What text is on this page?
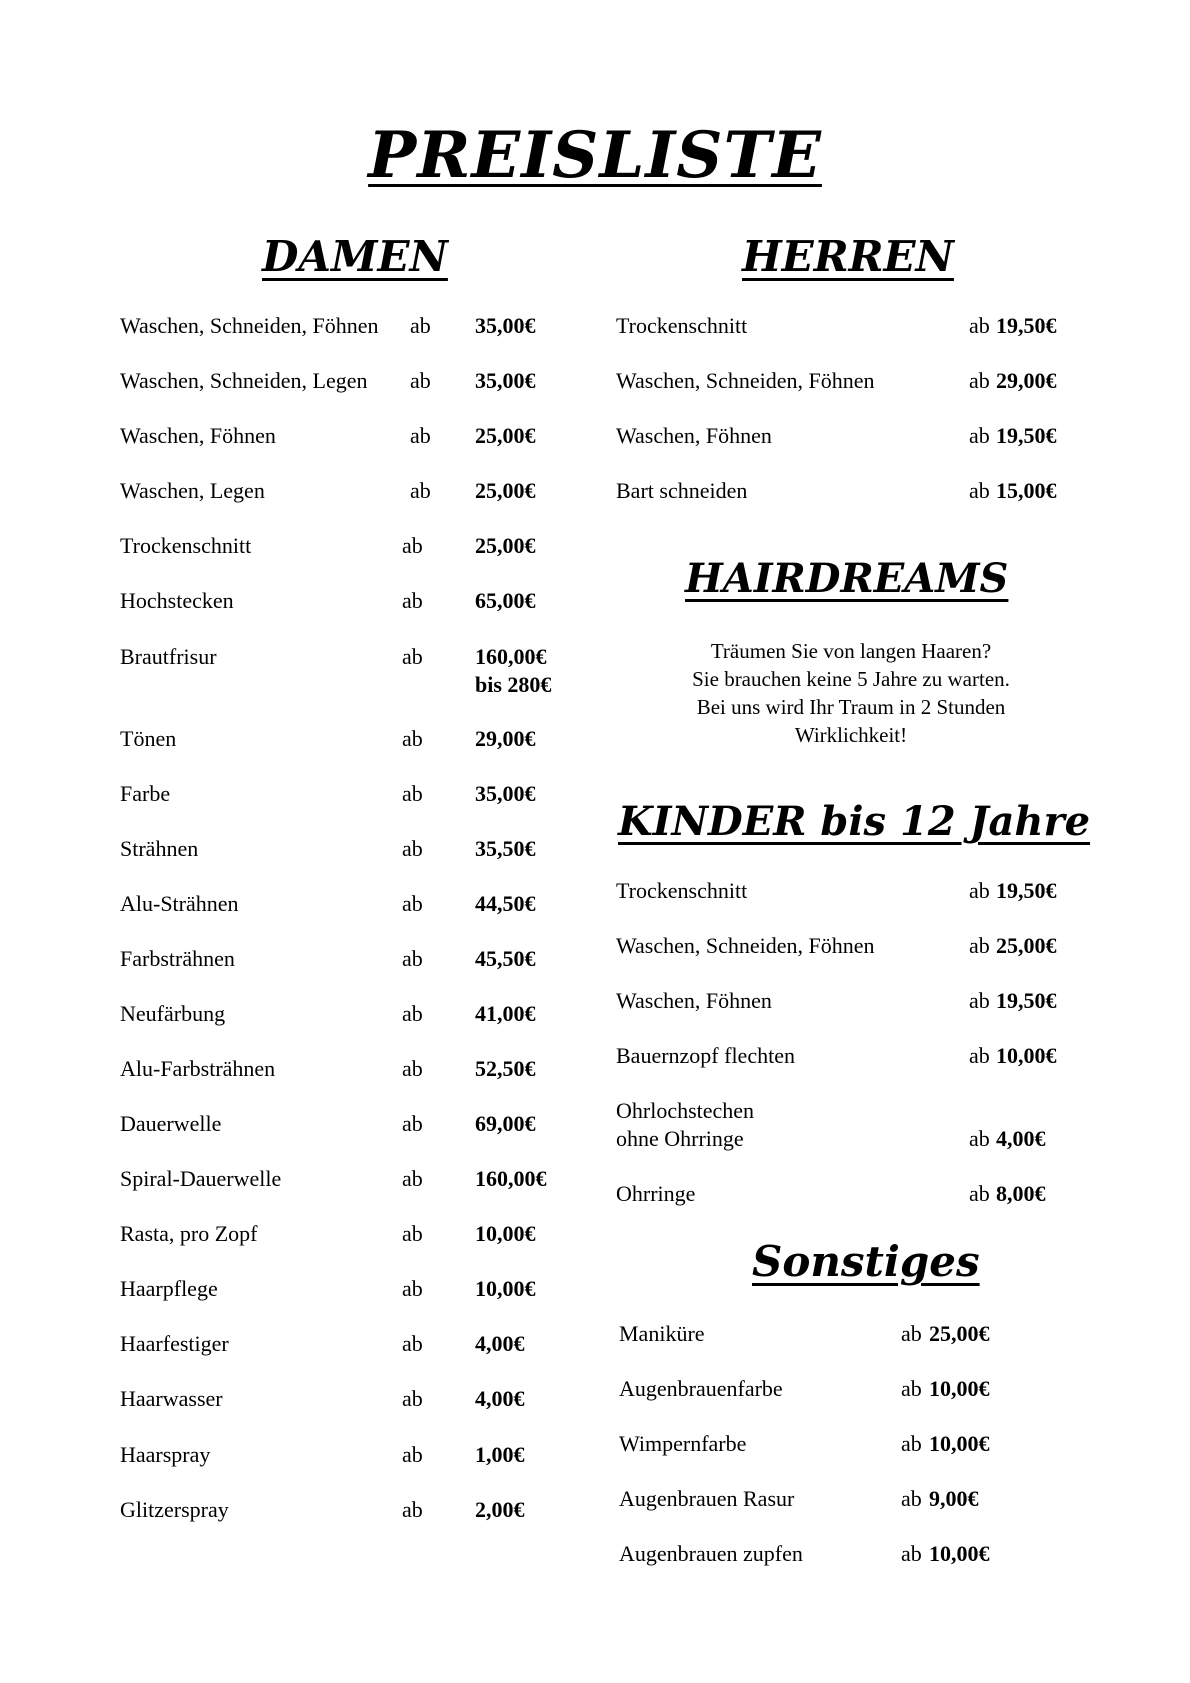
PREISLISTE
DAMEN	HERREN
HAIRDREAMS
KINDER bis 12 Jahre
Sonstiges
Waschen, Schneiden, Föhnen ab 35,00€
Waschen, Schneiden, Legen ab 35,00€
Waschen, Föhnen	ab 25,00€
Waschen, Legen	ab 25,00€
Trockenschnitt	ab 25,00€
Hochstecken	ab 65,00€
Brautfrisur	ab 160,00€
bis 280€
Tönen	ab 29,00€
Farbe	ab 35,00€
Strähnen	ab 35,50€
Alu-Strähnen	ab 44,50€
Farbsträhnen	ab 45,50€
Neufärbung	ab 41,00€
Alu-Farbsträhnen	ab 52,50€
Dauerwelle	ab 69,00€
Spiral-Dauerwelle	ab 160,00€
Rasta, pro Zopf	ab 10,00€
Haarpflege	ab 10,00€
Haarfestiger	ab 4,00€
Haarwasser	ab 4,00€
Haarspray	ab 1,00€
Glitzerspray	ab 2,00€
Trockenschnitt	ab 19,50€
Waschen, Schneiden, Föhnen	ab 29,00€
Waschen, Föhnen	ab 19,50€
Bart schneiden	ab 15,00€

Träumen Sie von langen Haaren?
Sie brauchen keine 5 Jahre zu warten.
Bei uns wird Ihr Traum in 2 Stunden
Wirklichkeit!

Trockenschnitt	ab 19,50€
Waschen, Schneiden, Föhnen	ab 25,00€
Waschen, Föhnen	ab 19,50€
Bauernzopf flechten	ab 10,00€
Ohrlochstechen
ohne Ohrringe	ab 4,00€
Ohrringe	ab 8,00€
Maniküre	ab 25,00€
Augenbrauenfarbe	ab 10,00€
Wimpernfarbe	ab 10,00€
Augenbrauen Rasur	ab 9,00€
Augenbrauen zupfen	ab 10,00€
